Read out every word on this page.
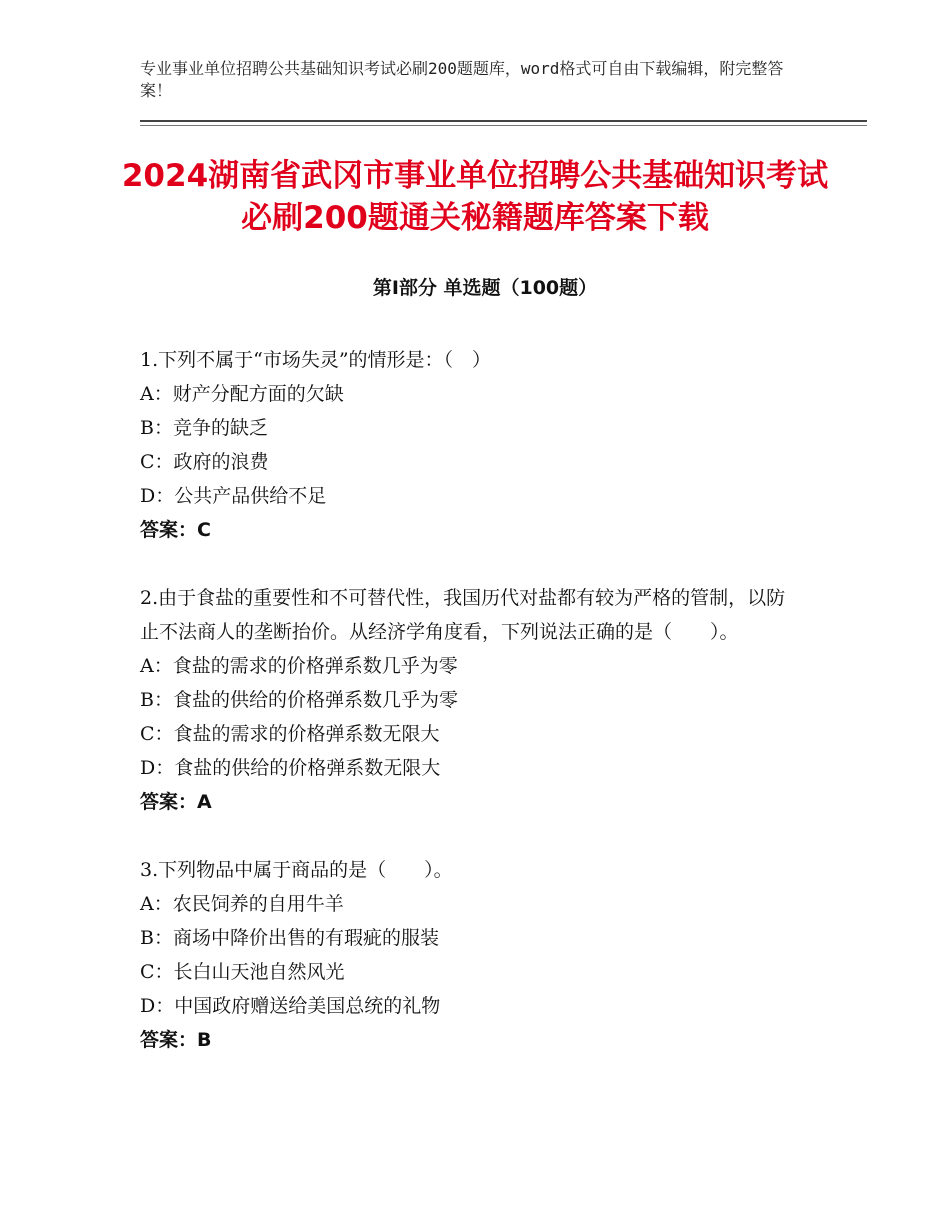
专业事业单位招聘公共基础知识考试必刷200题题库，word格式可自由下载编辑，附完整答案！
2024湖南省武冈市事业单位招聘公共基础知识考试必刷200题通关秘籍题库答案下载
第Ⅰ部分 单选题（100题）

1.下列不属于“市场失灵”的情形是：（　）

A：财产分配方面的欠缺

B：竞争的缺乏

C：政府的浪费

D：公共产品供给不足

答案：C

2.由于食盐的重要性和不可替代性，我国历代对盐都有较为严格的管制，以防止不法商人的垄断抬价。从经济学角度看，下列说法正确的是（　　）。

A：食盐的需求的价格弹系数几乎为零

B：食盐的供给的价格弹系数几乎为零

C：食盐的需求的价格弹系数无限大

D：食盐的供给的价格弹系数无限大

答案：A

3.下列物品中属于商品的是（　　）。

A：农民饲养的自用牛羊

B：商场中降价出售的有瑕疵的服装

C：长白山天池自然风光

D：中国政府赠送给美国总统的礼物

答案：B
